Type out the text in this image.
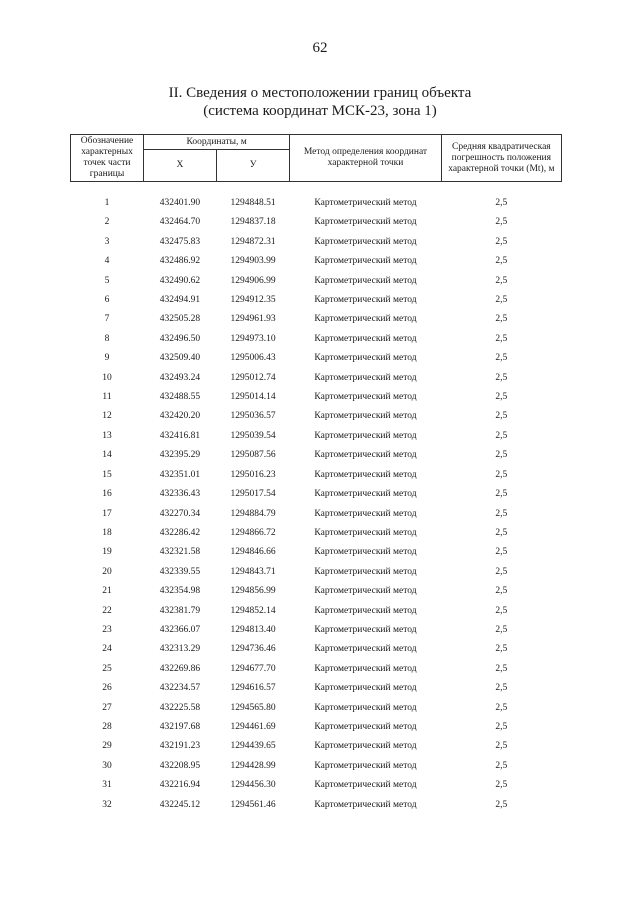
62
II. Сведения о местоположении границ объекта
(система координат МСК-23, зона 1)
Обозначение характерных точек части границы	Координаты, м		Метод определения координат характерной точки	Средняя квадратическая погрешность положения характерной точки (Mt), м
	X	У		
1	432401.90	1294848.51	Картометрический метод	2,5
2	432464.70	1294837.18	Картометрический метод	2,5
3	432475.83	1294872.31	Картометрический метод	2,5
4	432486.92	1294903.99	Картометрический метод	2,5
5	432490.62	1294906.99	Картометрический метод	2,5
6	432494.91	1294912.35	Картометрический метод	2,5
7	432505.28	1294961.93	Картометрический метод	2,5
8	432496.50	1294973.10	Картометрический метод	2,5
9	432509.40	1295006.43	Картометрический метод	2,5
10	432493.24	1295012.74	Картометрический метод	2,5
11	432488.55	1295014.14	Картометрический метод	2,5
12	432420.20	1295036.57	Картометрический метод	2,5
13	432416.81	1295039.54	Картометрический метод	2,5
14	432395.29	1295087.56	Картометрический метод	2,5
15	432351.01	1295016.23	Картометрический метод	2,5
16	432336.43	1295017.54	Картометрический метод	2,5
17	432270.34	1294884.79	Картометрический метод	2,5
18	432286.42	1294866.72	Картометрический метод	2,5
19	432321.58	1294846.66	Картометрический метод	2,5
20	432339.55	1294843.71	Картометрический метод	2,5
21	432354.98	1294856.99	Картометрический метод	2,5
22	432381.79	1294852.14	Картометрический метод	2,5
23	432366.07	1294813.40	Картометрический метод	2,5
24	432313.29	1294736.46	Картометрический метод	2,5
25	432269.86	1294677.70	Картометрический метод	2,5
26	432234.57	1294616.57	Картометрический метод	2,5
27	432225.58	1294565.80	Картометрический метод	2,5
28	432197.68	1294461.69	Картометрический метод	2,5
29	432191.23	1294439.65	Картометрический метод	2,5
30	432208.95	1294428.99	Картометрический метод	2,5
31	432216.94	1294456.30	Картометрический метод	2,5
32	432245.12	1294561.46	Картометрический метод	2,5
